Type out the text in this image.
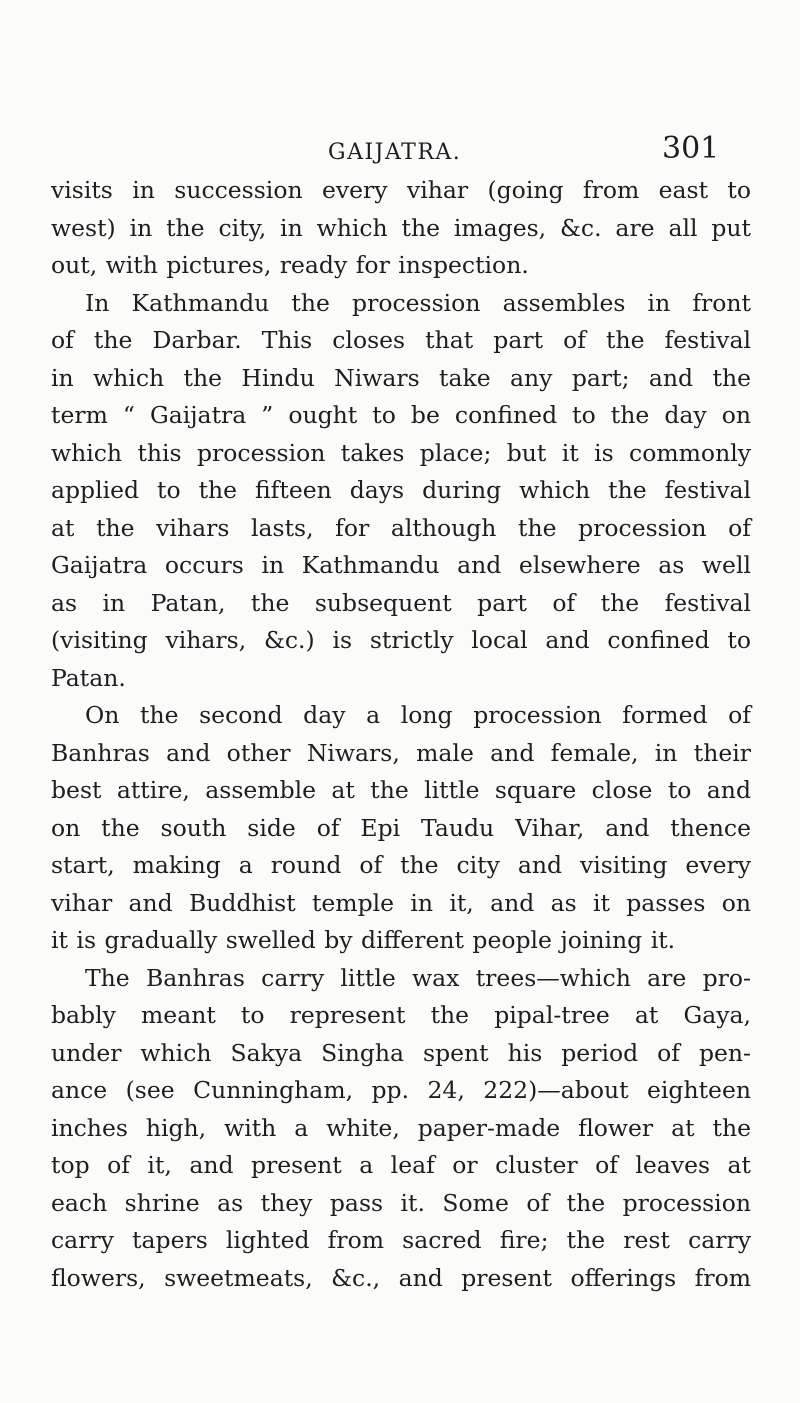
GAIJATRA.	301
visits in succession every vihar (going from east to
west) in the city, in which the images, &c. are all put
out, with pictures, ready for inspection.
In Kathmandu the procession assembles in front
of the Darbar. This closes that part of the festival
in which the Hindu Niwars take any part; and the
term “ Gaijatra ” ought to be confined to the day on
which this procession takes place; but it is commonly
applied to the fifteen days during which the festival
at the vihars lasts, for although the procession of
Gaijatra occurs in Kathmandu and elsewhere as well
as in Patan, the subsequent part of the festival
(visiting vihars, &c.) is strictly local and confined to
Patan.
On the second day a long procession formed of
Banhras and other Niwars, male and female, in their
best attire, assemble at the little square close to and
on the south side of Epi Taudu Vihar, and thence
start, making a round of the city and visiting every
vihar and Buddhist temple in it, and as it passes on
it is gradually swelled by different people joining it.
The Banhras carry little wax trees—which are pro-
bably meant to represent the pipal-tree at Gaya,
under which Sakya Singha spent his period of pen-
ance (see Cunningham, pp. 24, 222)—about eighteen
inches high, with a white, paper-made flower at the
top of it, and present a leaf or cluster of leaves at
each shrine as they pass it. Some of the procession
carry tapers lighted from sacred fire; the rest carry
flowers, sweetmeats, &c., and present offerings from
